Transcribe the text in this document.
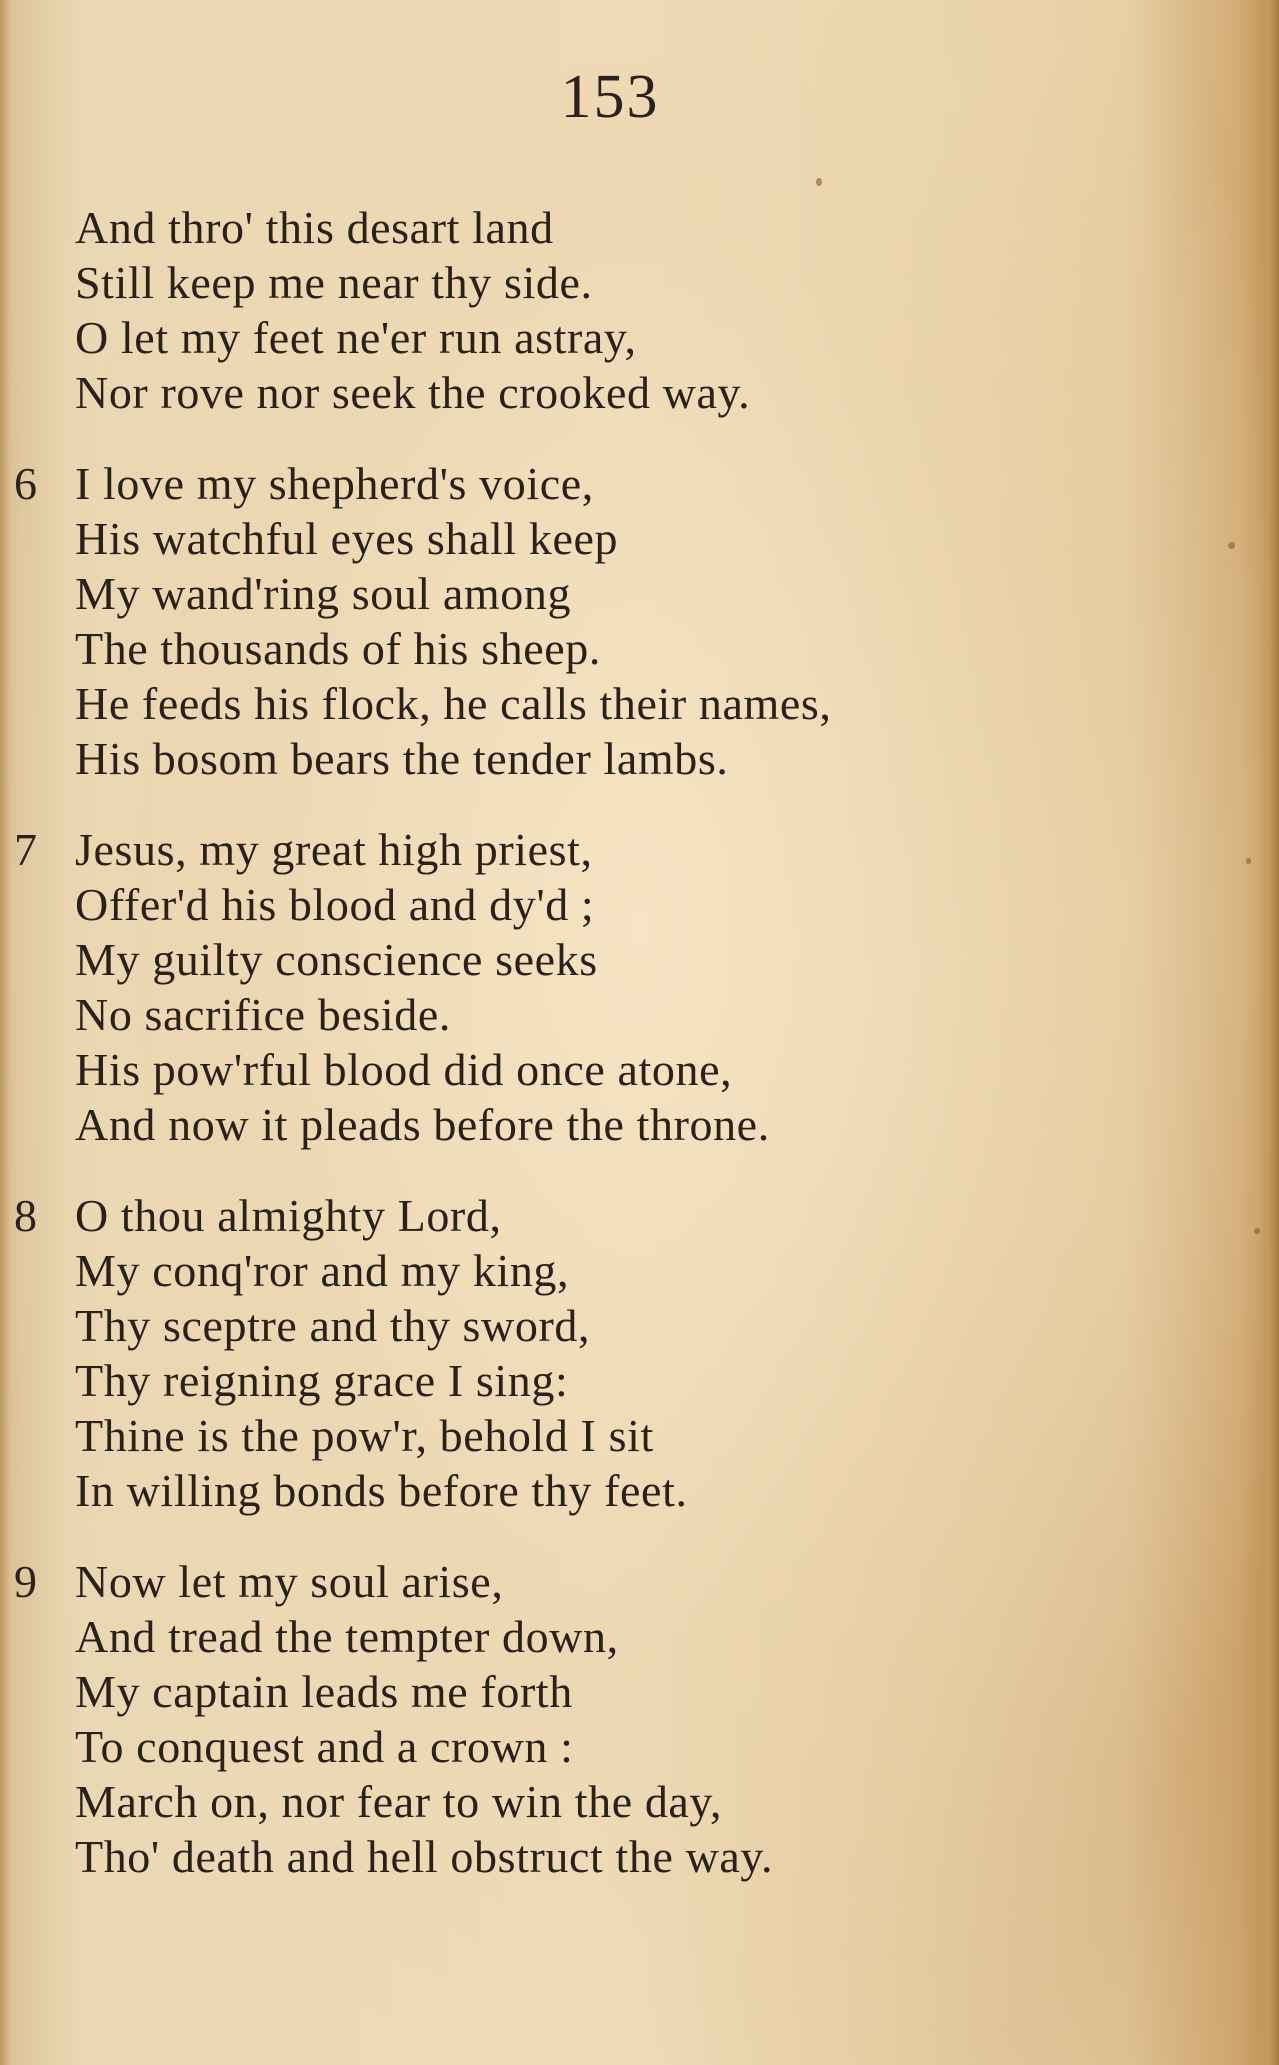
153
And thro' this desart land
Still keep me near thy side.
O let my feet ne'er run astray,
Nor rove nor seek the crooked way.
6 I love my shepherd's voice,
His watchful eyes shall keep
My wand'ring soul among
The thousands of his sheep.
He feeds his flock, he calls their names,
His bosom bears the tender lambs.
7 Jesus, my great high priest,
Offer'd his blood and dy'd ;
My guilty conscience seeks
No sacrifice beside.
His pow'rful blood did once atone,
And now it pleads before the throne.
8 O thou almighty Lord,
My conq'ror and my king,
Thy sceptre and thy sword,
Thy reigning grace I sing:
Thine is the pow'r, behold I sit
In willing bonds before thy feet.
9 Now let my soul arise,
And tread the tempter down,
My captain leads me forth
To conquest and a crown :
March on, nor fear to win the day,
Tho' death and hell obstruct the way.
